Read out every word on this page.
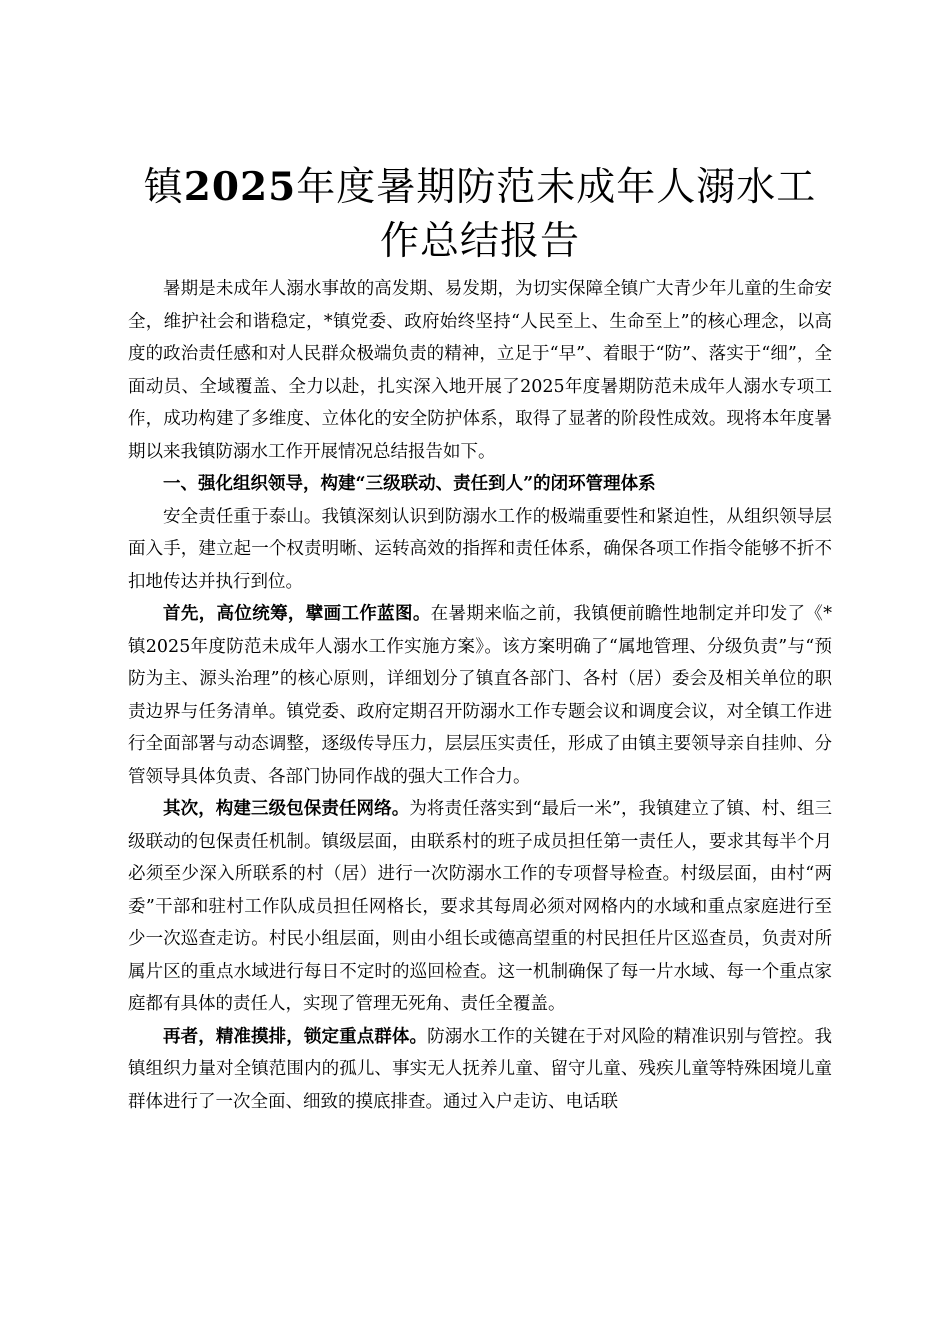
镇2025年度暑期防范未成年人溺水工作总结报告

暑期是未成年人溺水事故的高发期、易发期，为切实保障全镇广大青少年儿童的生命安全，维护社会和谐稳定，*镇党委、政府始终坚持“人民至上、生命至上”的核心理念，以高度的政治责任感和对人民群众极端负责的精神，立足于“早”、着眼于“防”、落实于“细”，全面动员、全域覆盖、全力以赴，扎实深入地开展了2025年度暑期防范未成年人溺水专项工作，成功构建了多维度、立体化的安全防护体系，取得了显著的阶段性成效。现将本年度暑期以来我镇防溺水工作开展情况总结报告如下。

一、强化组织领导，构建“三级联动、责任到人”的闭环管理体系

安全责任重于泰山。我镇深刻认识到防溺水工作的极端重要性和紧迫性，从组织领导层面入手，建立起一个权责明晰、运转高效的指挥和责任体系，确保各项工作指令能够不折不扣地传达并执行到位。

首先，高位统筹，擘画工作蓝图。在暑期来临之前，我镇便前瞻性地制定并印发了《*镇2025年度防范未成年人溺水工作实施方案》。该方案明确了“属地管理、分级负责”与“预防为主、源头治理”的核心原则，详细划分了镇直各部门、各村（居）委会及相关单位的职责边界与任务清单。镇党委、政府定期召开防溺水工作专题会议和调度会议，对全镇工作进行全面部署与动态调整，逐级传导压力，层层压实责任，形成了由镇主要领导亲自挂帅、分管领导具体负责、各部门协同作战的强大工作合力。

其次，构建三级包保责任网络。为将责任落实到“最后一米”，我镇建立了镇、村、组三级联动的包保责任机制。镇级层面，由联系村的班子成员担任第一责任人，要求其每半个月必须至少深入所联系的村（居）进行一次防溺水工作的专项督导检查。村级层面，由村“两委”干部和驻村工作队成员担任网格长，要求其每周必须对网格内的水域和重点家庭进行至少一次巡查走访。村民小组层面，则由小组长或德高望重的村民担任片区巡查员，负责对所属片区的重点水域进行每日不定时的巡回检查。这一机制确保了每一片水域、每一个重点家庭都有具体的责任人，实现了管理无死角、责任全覆盖。

再者，精准摸排，锁定重点群体。防溺水工作的关键在于对风险的精准识别与管控。我镇组织力量对全镇范围内的孤儿、事实无人抚养儿童、留守儿童、残疾儿童等特殊困境儿童群体进行了一次全面、细致的摸底排查。通过入户走访、电话联
